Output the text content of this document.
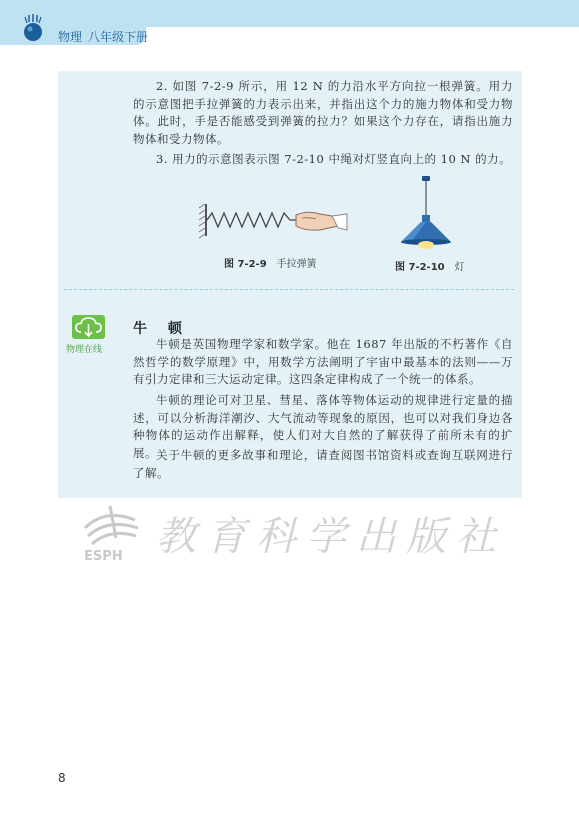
物理 八年级下册

2. 如图 7-2-9 所示，用 12 N 的力沿水平方向拉一根弹簧。用力的示意图把手拉弹簧的力表示出来，并指出这个力的施力物体和受力物体。此时，手是否能感受到弹簧的拉力？如果这个力存在，请指出施力物体和受力物体。

3. 用力的示意图表示图 7-2-10 中绳对灯竖直向上的 10 N 的力。

图 7-2-9 手拉弹簧	图 7-2-10 灯
物理在线
牛 顿

牛顿是英国物理学家和数学家。他在 1687 年出版的不朽著作《自然哲学的数学原理》中，用数学方法阐明了宇宙中最基本的法则——万有引力定律和三大运动定律。这四条定律构成了一个统一的体系。

牛顿的理论可对卫星、彗星、落体等物体运动的规律进行定量的描述，可以分析海洋潮汐、大气流动等现象的原因，也可以对我们身边各种物体的运动作出解释，使人们对大自然的了解获得了前所未有的扩展。 关于牛顿的更多故事和理论，请查阅图书馆资料或查询互联网进行了解。

ESPH 教育科学出版社
8
